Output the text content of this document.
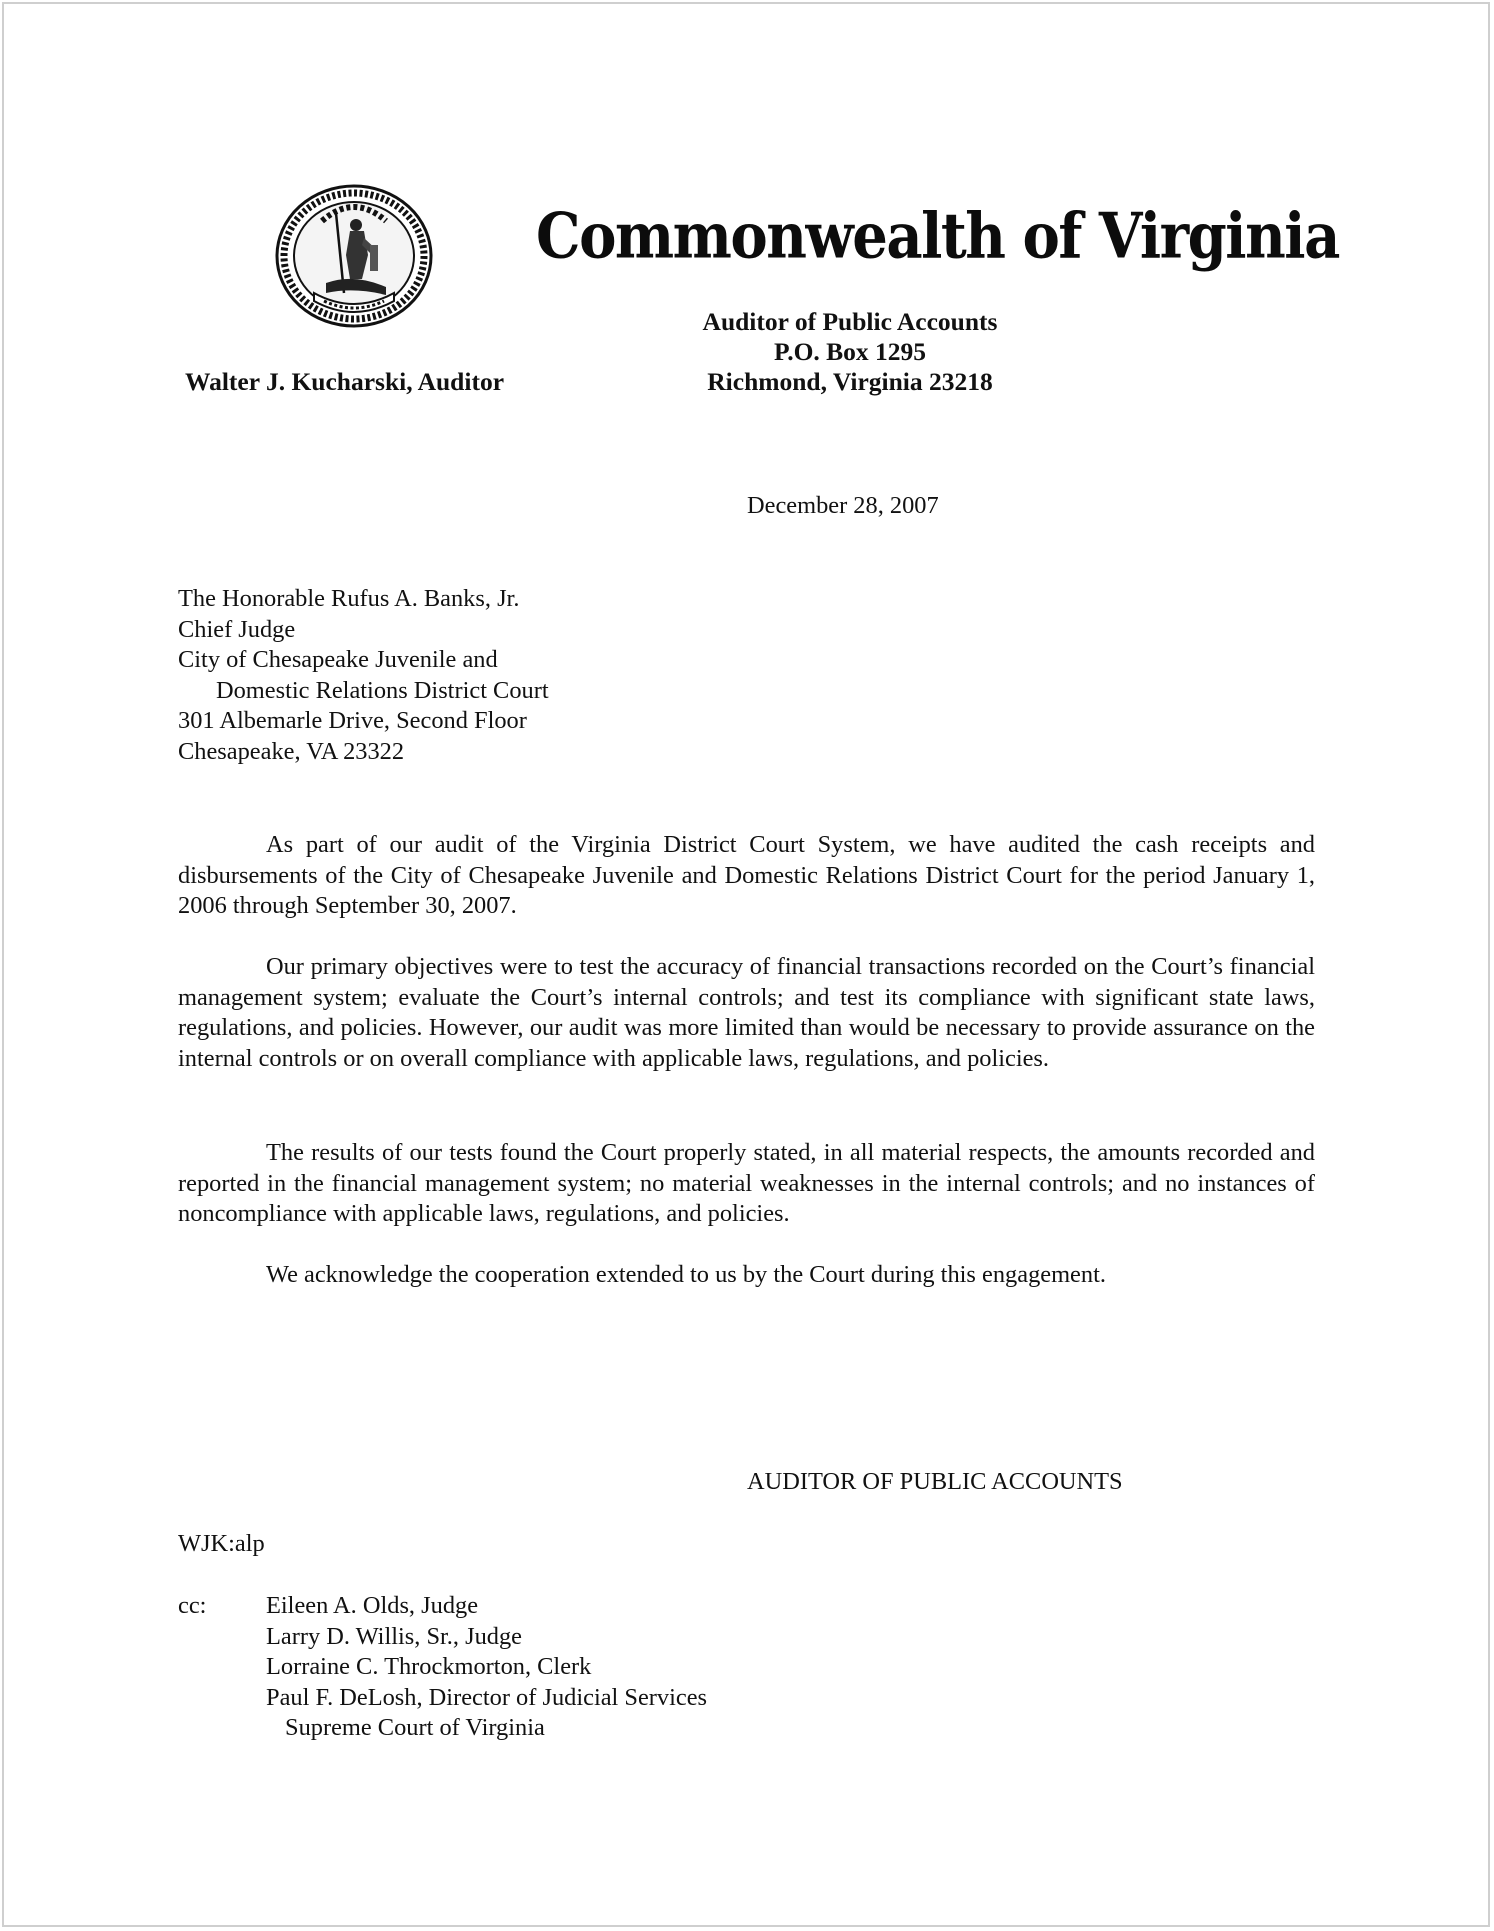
Commonwealth of Virginia
Auditor of Public Accounts
P.O. Box 1295
Richmond, Virginia 23218
Walter J. Kucharski, Auditor
December 28, 2007
The Honorable Rufus A. Banks, Jr.
Chief Judge
City of Chesapeake Juvenile and
Domestic Relations District Court
301 Albemarle Drive, Second Floor
Chesapeake, VA 23322
As part of our audit of the Virginia District Court System, we have audited the cash receipts and disbursements of the City of Chesapeake Juvenile and Domestic Relations District Court for the period January 1, 2006 through September 30, 2007.
Our primary objectives were to test the accuracy of financial transactions recorded on the Court’s financial management system; evaluate the Court’s internal controls; and test its compliance with significant state laws, regulations, and policies. However, our audit was more limited than would be necessary to provide assurance on the internal controls or on overall compliance with applicable laws, regulations, and policies.
The results of our tests found the Court properly stated, in all material respects, the amounts recorded and reported in the financial management system; no material weaknesses in the internal controls; and no instances of noncompliance with applicable laws, regulations, and policies.
We acknowledge the cooperation extended to us by the Court during this engagement.
AUDITOR OF PUBLIC ACCOUNTS
WJK:alp
cc: Eileen A. Olds, Judge
Larry D. Willis, Sr., Judge
Lorraine C. Throckmorton, Clerk
Paul F. DeLosh, Director of Judicial Services
Supreme Court of Virginia
